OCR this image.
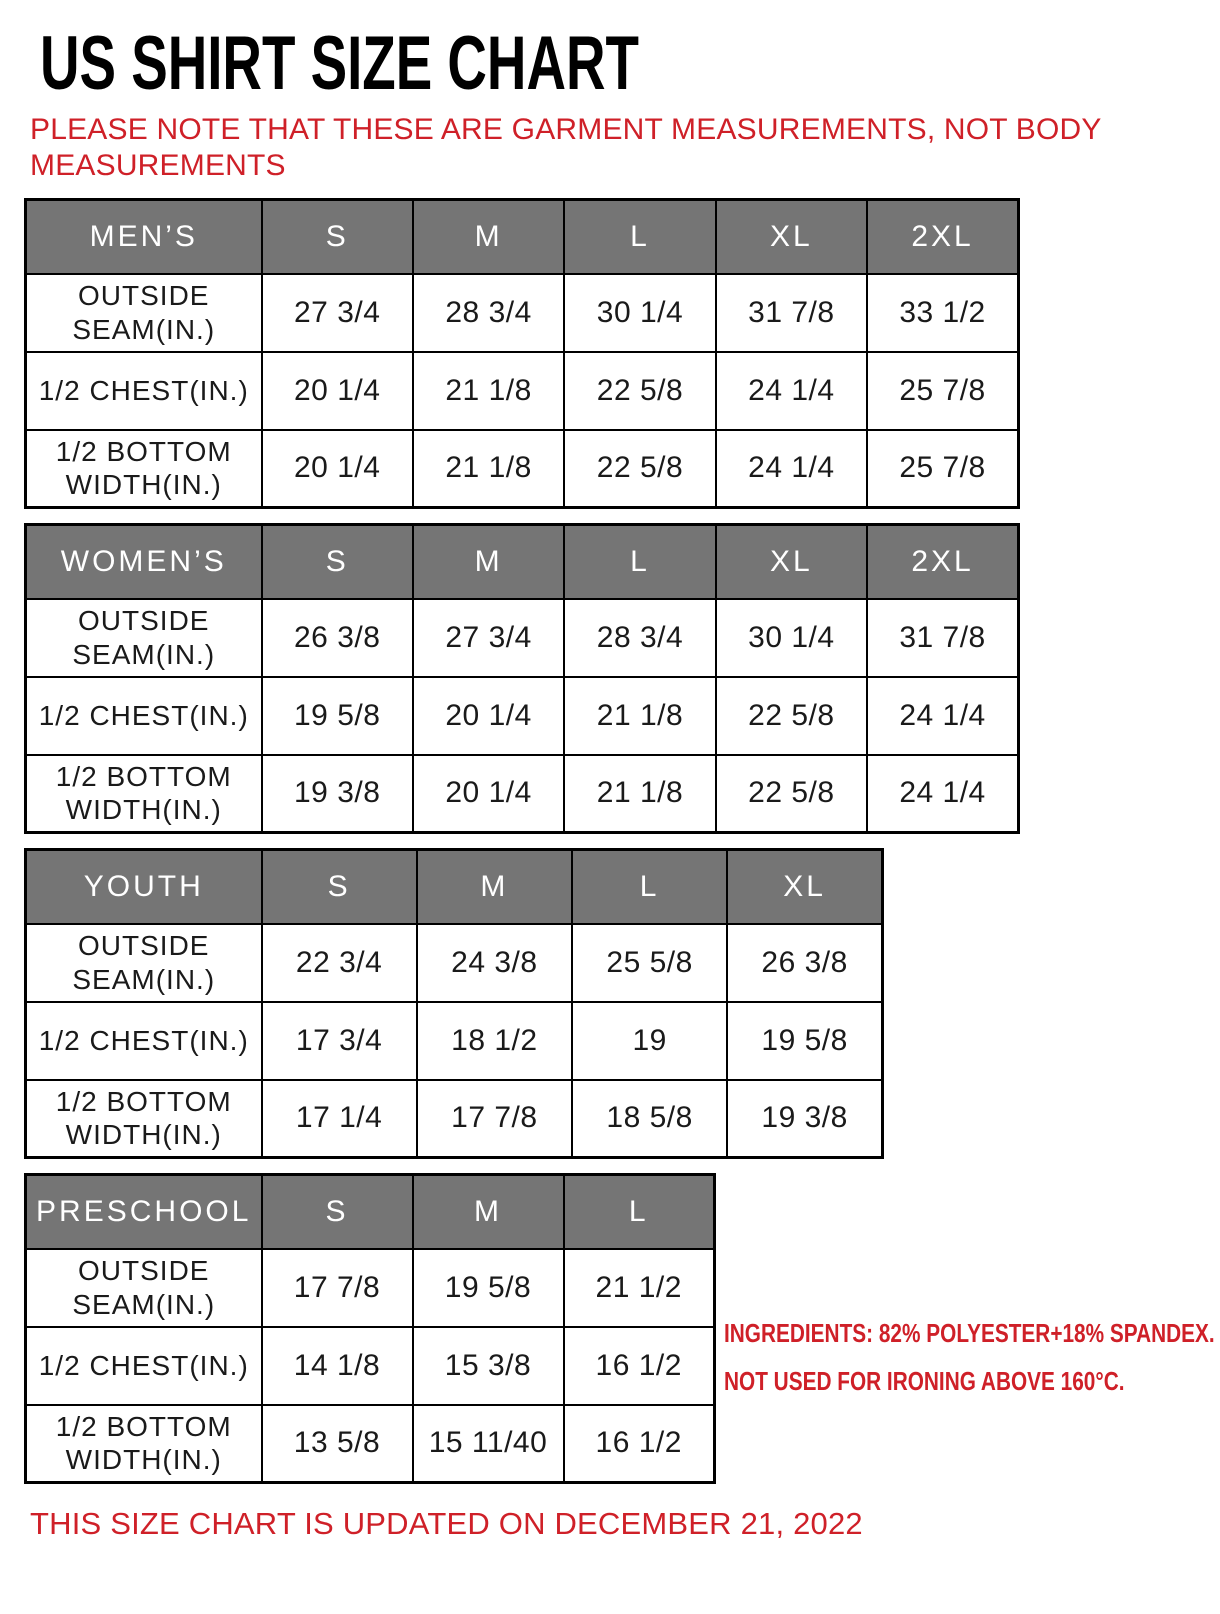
US SHIRT SIZE CHART

PLEASE NOTE THAT THESE ARE GARMENT MEASUREMENTS, NOT BODY
MEASUREMENTS

MEN’S	S	M	L	XL	2XL
OUTSIDE SEAM(IN.)	27 3/4	28 3/4	30 1/4	31 7/8	33 1/2
1/2 CHEST(IN.)	20 1/4	21 1/8	22 5/8	24 1/4	25 7/8
1/2 BOTTOM WIDTH(IN.)	20 1/4	21 1/8	22 5/8	24 1/4	25 7/8
WOMEN’S	S	M	L	XL	2XL
OUTSIDE SEAM(IN.)	26 3/8	27 3/4	28 3/4	30 1/4	31 7/8
1/2 CHEST(IN.)	19 5/8	20 1/4	21 1/8	22 5/8	24 1/4
1/2 BOTTOM WIDTH(IN.)	19 3/8	20 1/4	21 1/8	22 5/8	24 1/4
YOUTH	S	M	L	XL
OUTSIDE SEAM(IN.)	22 3/4	24 3/8	25 5/8	26 3/8
1/2 CHEST(IN.)	17 3/4	18 1/2	19	19 5/8
1/2 BOTTOM WIDTH(IN.)	17 1/4	17 7/8	18 5/8	19 3/8
PRESCHOOL	S	M	L
OUTSIDE SEAM(IN.)	17 7/8	19 5/8	21 1/2
1/2 CHEST(IN.)	14 1/8	15 3/8	16 1/2
1/2 BOTTOM WIDTH(IN.)	13 5/8	15 11/40	16 1/2
INGREDIENTS: 82% POLYESTER+18% SPANDEX.
NOT USED FOR IRONING ABOVE 160°C.

THIS SIZE CHART IS UPDATED ON DECEMBER 21, 2022
